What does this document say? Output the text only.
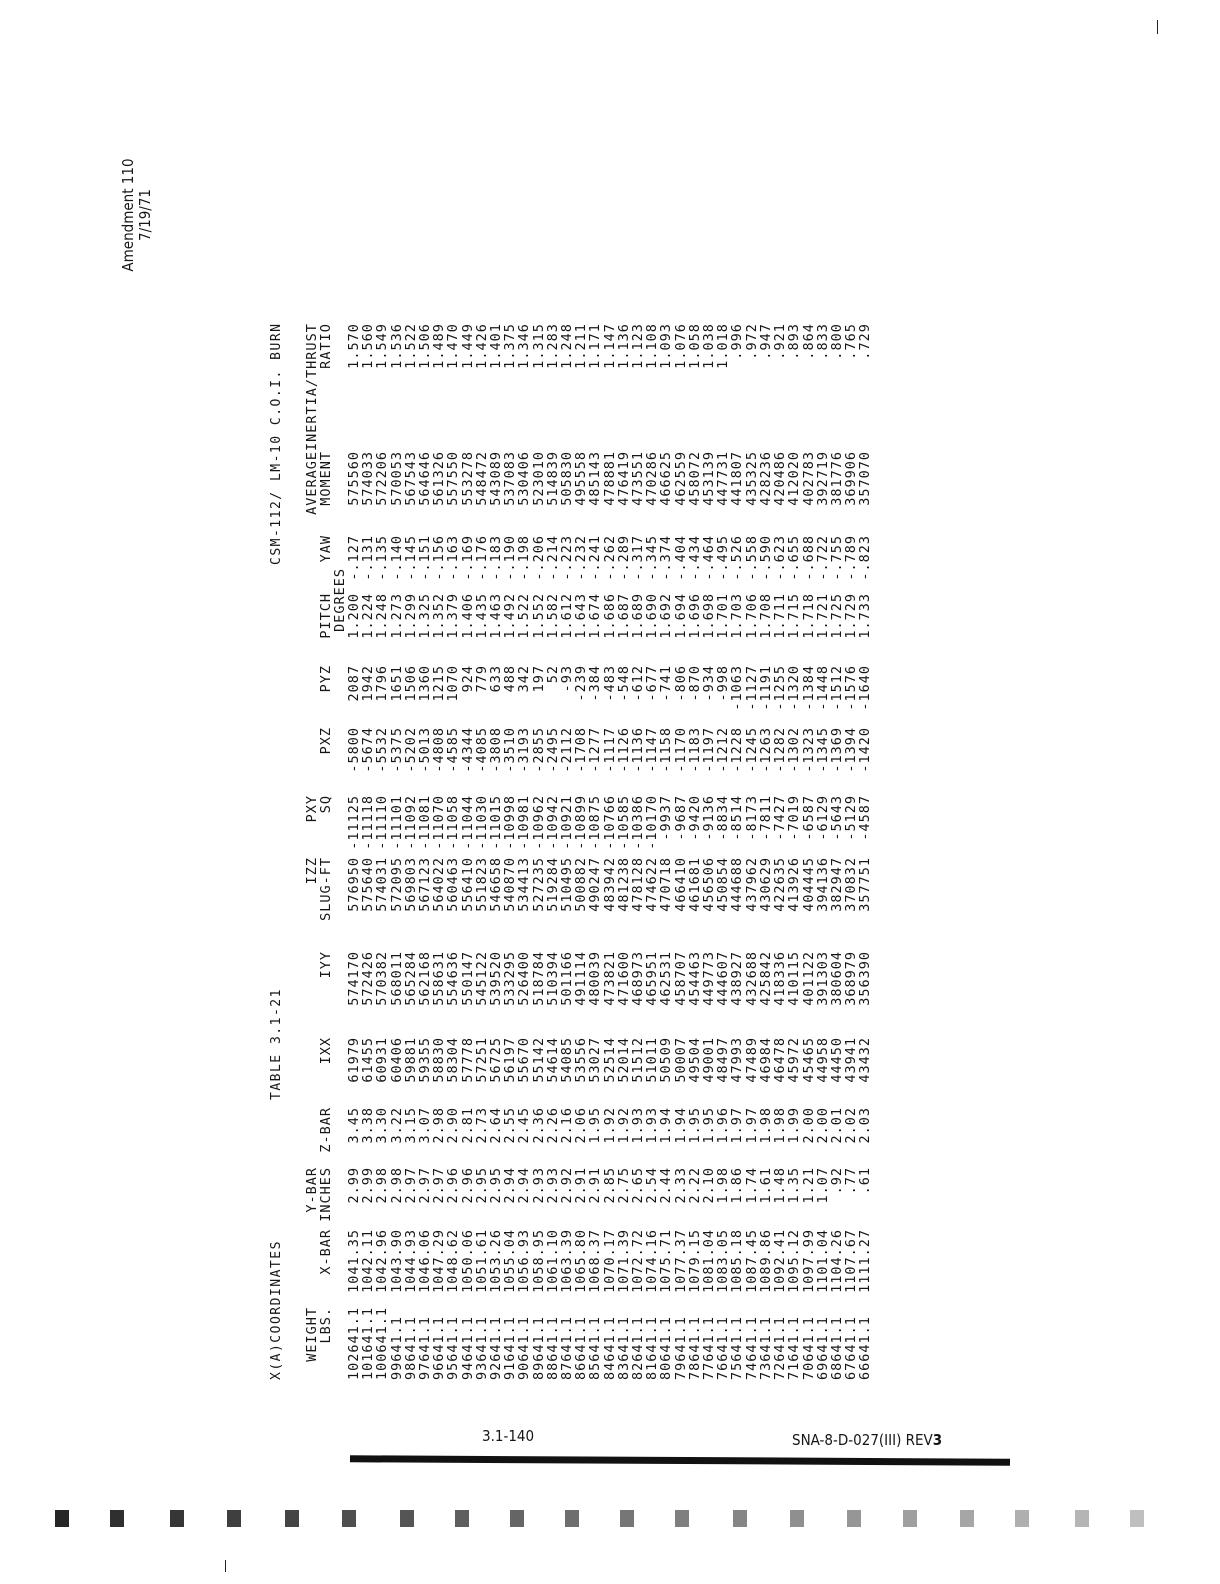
Amendment 110 7/19/71
X(A)COORDINATES
TABLE 3.1-21
CSM-112/ LM-10 C.O.I. BURN
WEIGHT		Y-BAR				IZZ	PXY					AVERAGE	INERTIA/THRUST
LBS.	X-BAR	INCHES	Z-BAR	IXX	IYY	SLUG-FT	SQ	PXZ	PYZ	PITCH	YAW	MOMENT	RATIO
										DEGREES			
102641.1	1041.35	2.99	3.45	61979	574170	576950	-11125	-5800	2087	1.200	-.127	575560	1.570
101641.1	1042.11	2.99	3.38	61455	572426	575640	-11118	-5674	1942	1.224	-.131	574033	1.560
100641.1	1042.96	2.98	3.30	60931	570382	574031	-11110	-5532	1796	1.248	-.135	572206	1.549
99641.1	1043.90	2.98	3.22	60406	568011	572095	-11101	-5375	1651	1.273	-.140	570053	1.536
98641.1	1044.93	2.97	3.15	59881	565284	569803	-11092	-5202	1506	1.299	-.145	567543	1.522
97641.1	1046.06	2.97	3.07	59355	562168	567123	-11081	-5013	1360	1.325	-.151	564646	1.506
96641.1	1047.29	2.97	2.98	58830	558631	564022	-11070	-4808	1215	1.352	-.156	561326	1.489
95641.1	1048.62	2.96	2.90	58304	554636	560463	-11058	-4585	1070	1.379	-.163	557550	1.470
94641.1	1050.06	2.96	2.81	57778	550147	556410	-11044	-4344	924	1.406	-.169	553278	1.449
93641.1	1051.61	2.95	2.73	57251	545122	551823	-11030	-4085	779	1.435	-.176	548472	1.426
92641.1	1053.26	2.95	2.64	56725	539520	546658	-11015	-3808	633	1.463	-.183	543089	1.401
91641.1	1055.04	2.94	2.55	56197	533295	540870	-10998	-3510	488	1.492	-.190	537083	1.375
90641.1	1056.93	2.94	2.45	55670	526400	534413	-10981	-3193	342	1.522	-.198	530406	1.346
89641.1	1058.95	2.93	2.36	55142	518784	527235	-10962	-2855	197	1.552	-.206	523010	1.315
88641.1	1061.10	2.93	2.26	54614	510394	519284	-10942	-2495	52	1.582	-.214	514839	1.283
87641.1	1063.39	2.92	2.16	54085	501166	510495	-10921	-2112	-93	1.612	-.223	505830	1.248
86641.1	1065.80	2.91	2.06	53556	491114	500882	-10899	-1708	-239	1.643	-.232	495558	1.211
85641.1	1068.37	2.91	1.95	53027	480039	490247	-10875	-1277	-384	1.674	-.241	485143	1.171
84641.1	1070.17	2.85	1.92	52514	473821	483942	-10766	-1117	-483	1.686	-.262	478881	1.147
83641.1	1071.39	2.75	1.92	52014	471600	481238	-10585	-1126	-548	1.687	-.289	476419	1.136
82641.1	1072.72	2.65	1.93	51512	468973	478128	-10386	-1136	-612	1.689	-.317	473551	1.123
81641.1	1074.16	2.54	1.93	51011	465951	474622	-10170	-1147	-677	1.690	-.345	470286	1.108
80641.1	1075.71	2.44	1.94	50509	462531	470718	-9937	-1158	-741	1.692	-.374	466625	1.093
79641.1	1077.37	2.33	1.94	50007	458707	466410	-9687	-1170	-806	1.694	-.404	462559	1.076
78641.1	1079.15	2.22	1.95	49504	454463	461681	-9420	-1183	-870	1.696	-.434	458072	1.058
77641.1	1081.04	2.10	1.95	49001	449773	456506	-9136	-1197	-934	1.698	-.464	453139	1.038
76641.1	1083.05	1.98	1.96	48497	444607	450854	-8834	-1212	-998	1.701	-.495	447731	1.018
75641.1	1085.18	1.86	1.97	47993	438927	444688	-8514	-1228	-1063	1.703	-.526	441807	.996
74641.1	1087.45	1.74	1.97	47489	432688	437962	-8173	-1245	-1127	1.706	-.558	435325	.972
73641.1	1089.86	1.61	1.98	46984	425842	430629	-7811	-1263	-1191	1.708	-.590	428236	.947
72641.1	1092.41	1.48	1.98	46478	418336	422635	-7427	-1282	-1255	1.711	-.623	420486	.921
71641.1	1095.12	1.35	1.99	45972	410115	413926	-7019	-1302	-1320	1.715	-.655	412020	.893
70641.1	1097.99	1.21	2.00	45465	401122	404445	-6587	-1323	-1384	1.718	-.688	402783	.864
69641.1	1101.04	1.07	2.00	44958	391303	394136	-6129	-1345	-1448	1.721	-.722	392719	.833
68641.1	1104.26	.92	2.01	44450	380604	382947	-5643	-1369	-1512	1.725	-.755	381776	.800
67641.1	1107.67	.77	2.02	43941	368979	370832	-5129	-1394	-1576	1.729	-.789	369906	.765
66641.1	1111.27	.61	2.03	43432	356390	357751	-4587	-1420	-1640	1.733	-.823	357070	.729
3.1-140	SNA-8-D-027(III) REV3
